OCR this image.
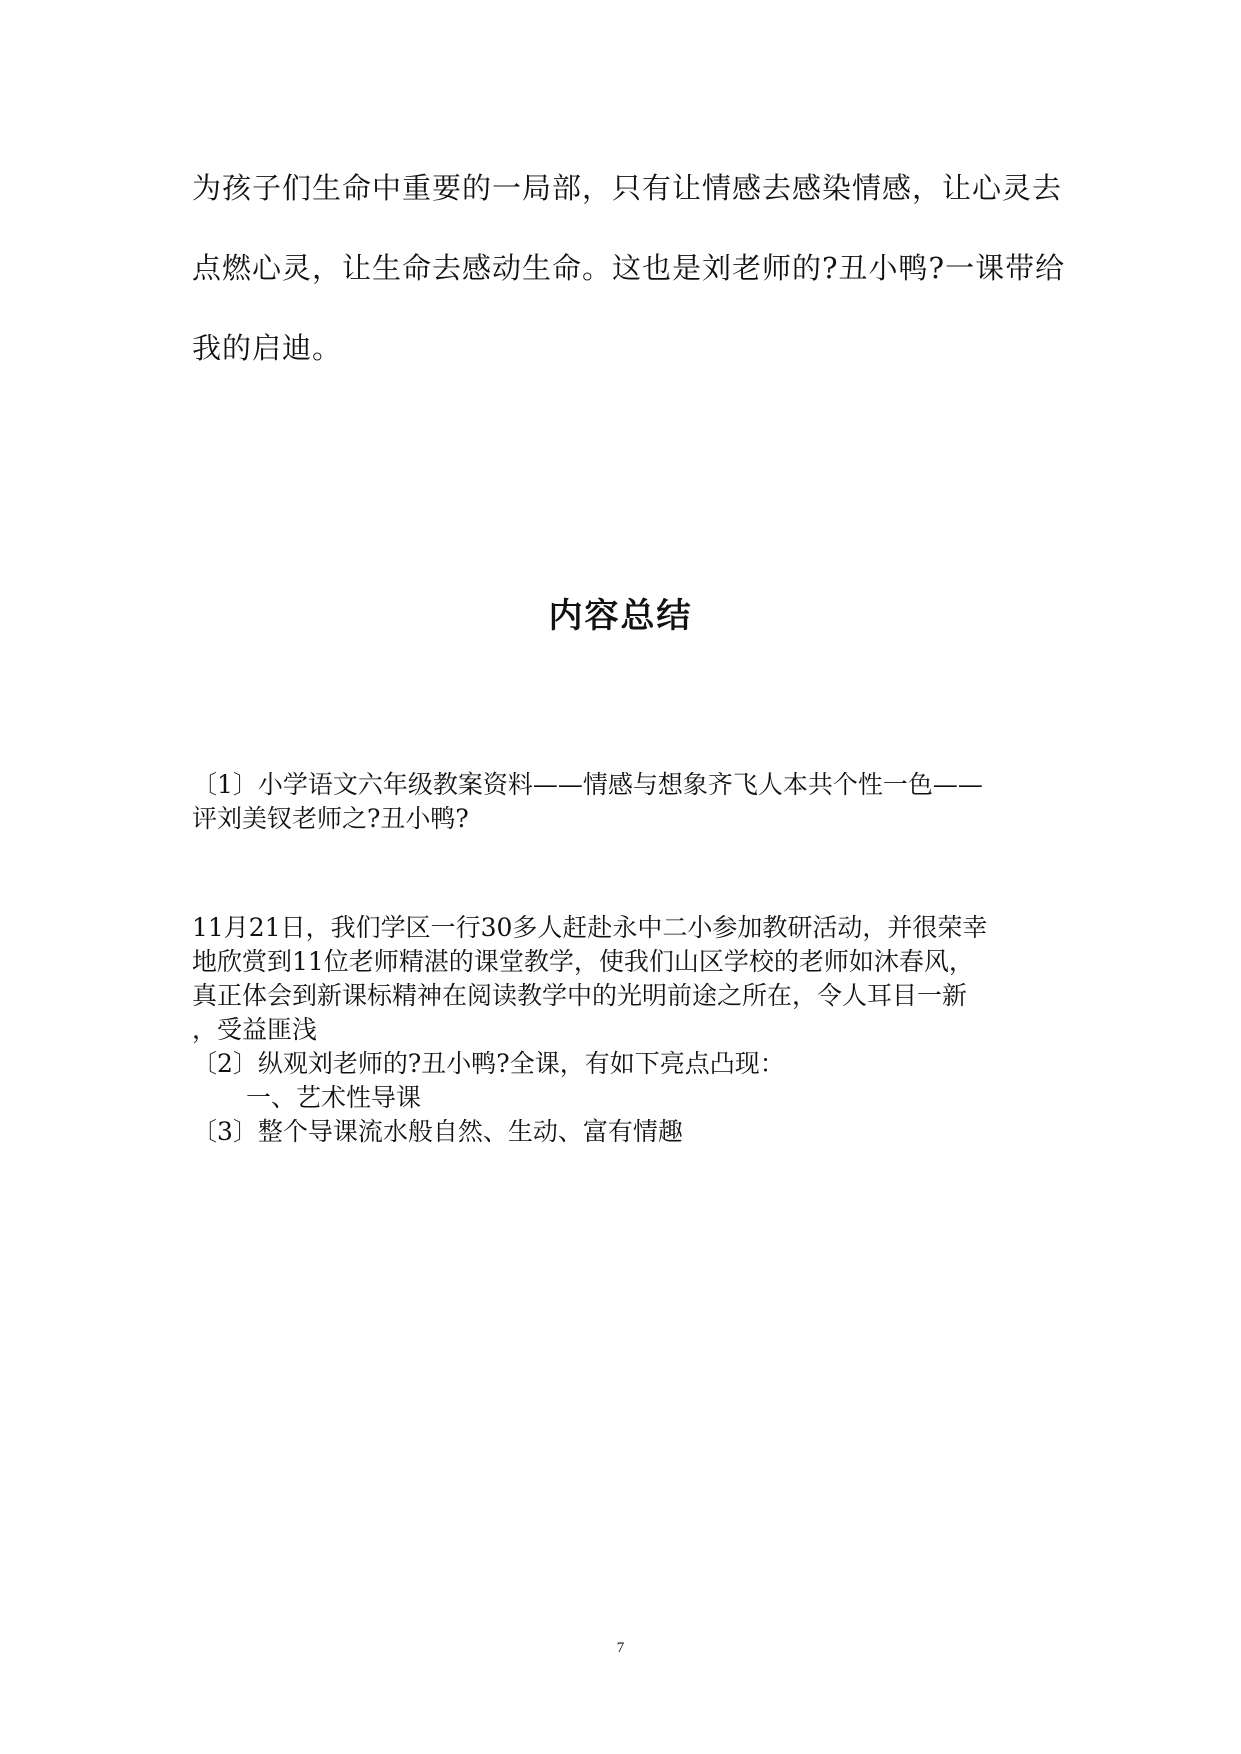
为孩子们生命中重要的一局部，只有让情感去感染情感，让心灵去
点燃心灵，让生命去感动生命。这也是刘老师的?丑小鸭?一课带给
我的启迪。
内容总结
〔1〕小学语文六年级教案资料——情感与想象齐飞人本共个性一色——
评刘美钗老师之?丑小鸭?
11月21日，我们学区一行30多人赶赴永中二小参加教研活动，并很荣幸
地欣赏到11位老师精湛的课堂教学，使我们山区学校的老师如沐春风，
真正体会到新课标精神在阅读教学中的光明前途之所在，令人耳目一新
，受益匪浅
〔2〕纵观刘老师的?丑小鸭?全课，有如下亮点凸现：
一、艺术性导课
〔3〕整个导课流水般自然、生动、富有情趣
7
